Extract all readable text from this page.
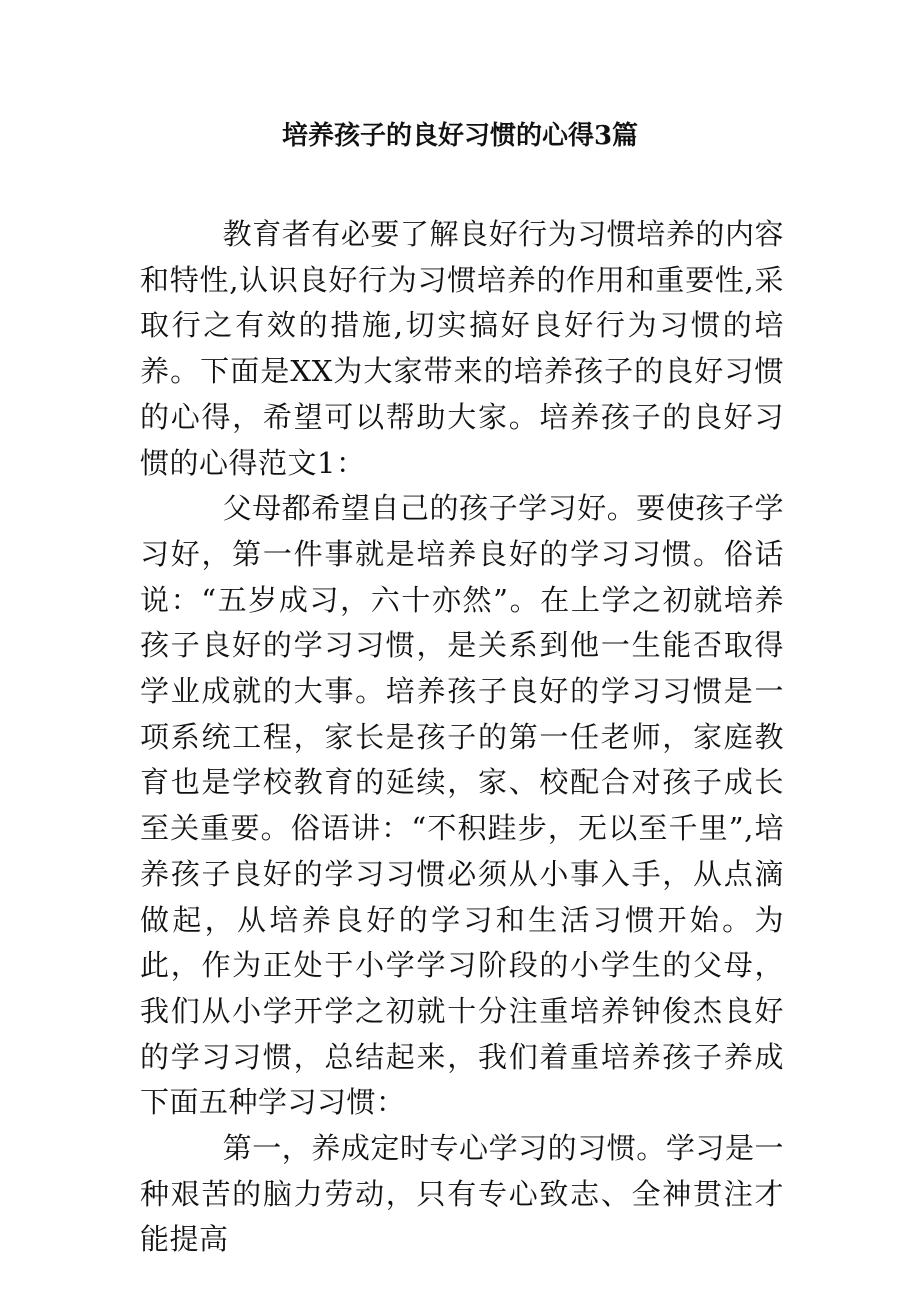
培养孩子的良好习惯的心得3篇

教育者有必要了解良好行为习惯培养的内容和特性,认识良好行为习惯培养的作用和重要性,采取行之有效的措施,切实搞好良好行为习惯的培养。下面是XX为大家带来的培养孩子的良好习惯的心得，希望可以帮助大家。培养孩子的良好习惯的心得范文1：

父母都希望自己的孩子学习好。要使孩子学习好，第一件事就是培养良好的学习习惯。俗话说：“五岁成习，六十亦然”。在上学之初就培养孩子良好的学习习惯，是关系到他一生能否取得学业成就的大事。培养孩子良好的学习习惯是一项系统工程，家长是孩子的第一任老师，家庭教育也是学校教育的延续，家、校配合对孩子成长至关重要。俗语讲：“不积跬步，无以至千里”,培养孩子良好的学习习惯必须从小事入手，从点滴做起，从培养良好的学习和生活习惯开始。为此，作为正处于小学学习阶段的小学生的父母，我们从小学开学之初就十分注重培养钟俊杰良好的学习习惯，总结起来，我们着重培养孩子养成下面五种学习习惯：

第一，养成定时专心学习的习惯。学习是一种艰苦的脑力劳动，只有专心致志、全神贯注才能提高
